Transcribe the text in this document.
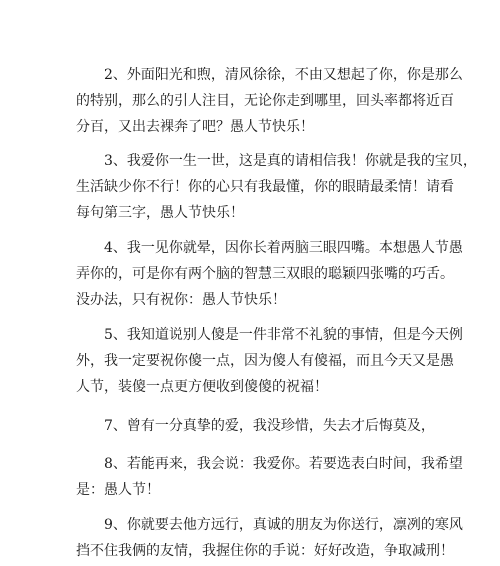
2、外面阳光和煦，清风徐徐，不由又想起了你，你是那么
的特别，那么的引人注目，无论你走到哪里，回头率都将近百
分百，又出去裸奔了吧？愚人节快乐！

3、我爱你一生一世，这是真的请相信我！你就是我的宝贝，
生活缺少你不行！你的心只有我最懂，你的眼睛最柔情！请看
每句第三字，愚人节快乐！

4、我一见你就晕，因你长着两脑三眼四嘴。本想愚人节愚
弄你的，可是你有两个脑的智慧三双眼的聪颖四张嘴的巧舌。
没办法，只有祝你：愚人节快乐！

5、我知道说别人傻是一件非常不礼貌的事情，但是今天例
外，我一定要祝你傻一点，因为傻人有傻福，而且今天又是愚
人节，装傻一点更方便收到傻傻的祝福！

7、曾有一分真挚的爱，我没珍惜，失去才后悔莫及，

8、若能再来，我会说：我爱你。若要选表白时间，我希望
是：愚人节！

9、你就要去他方远行，真诚的朋友为你送行，凛冽的寒风
挡不住我俩的友情，我握住你的手说：好好改造，争取减刑！
